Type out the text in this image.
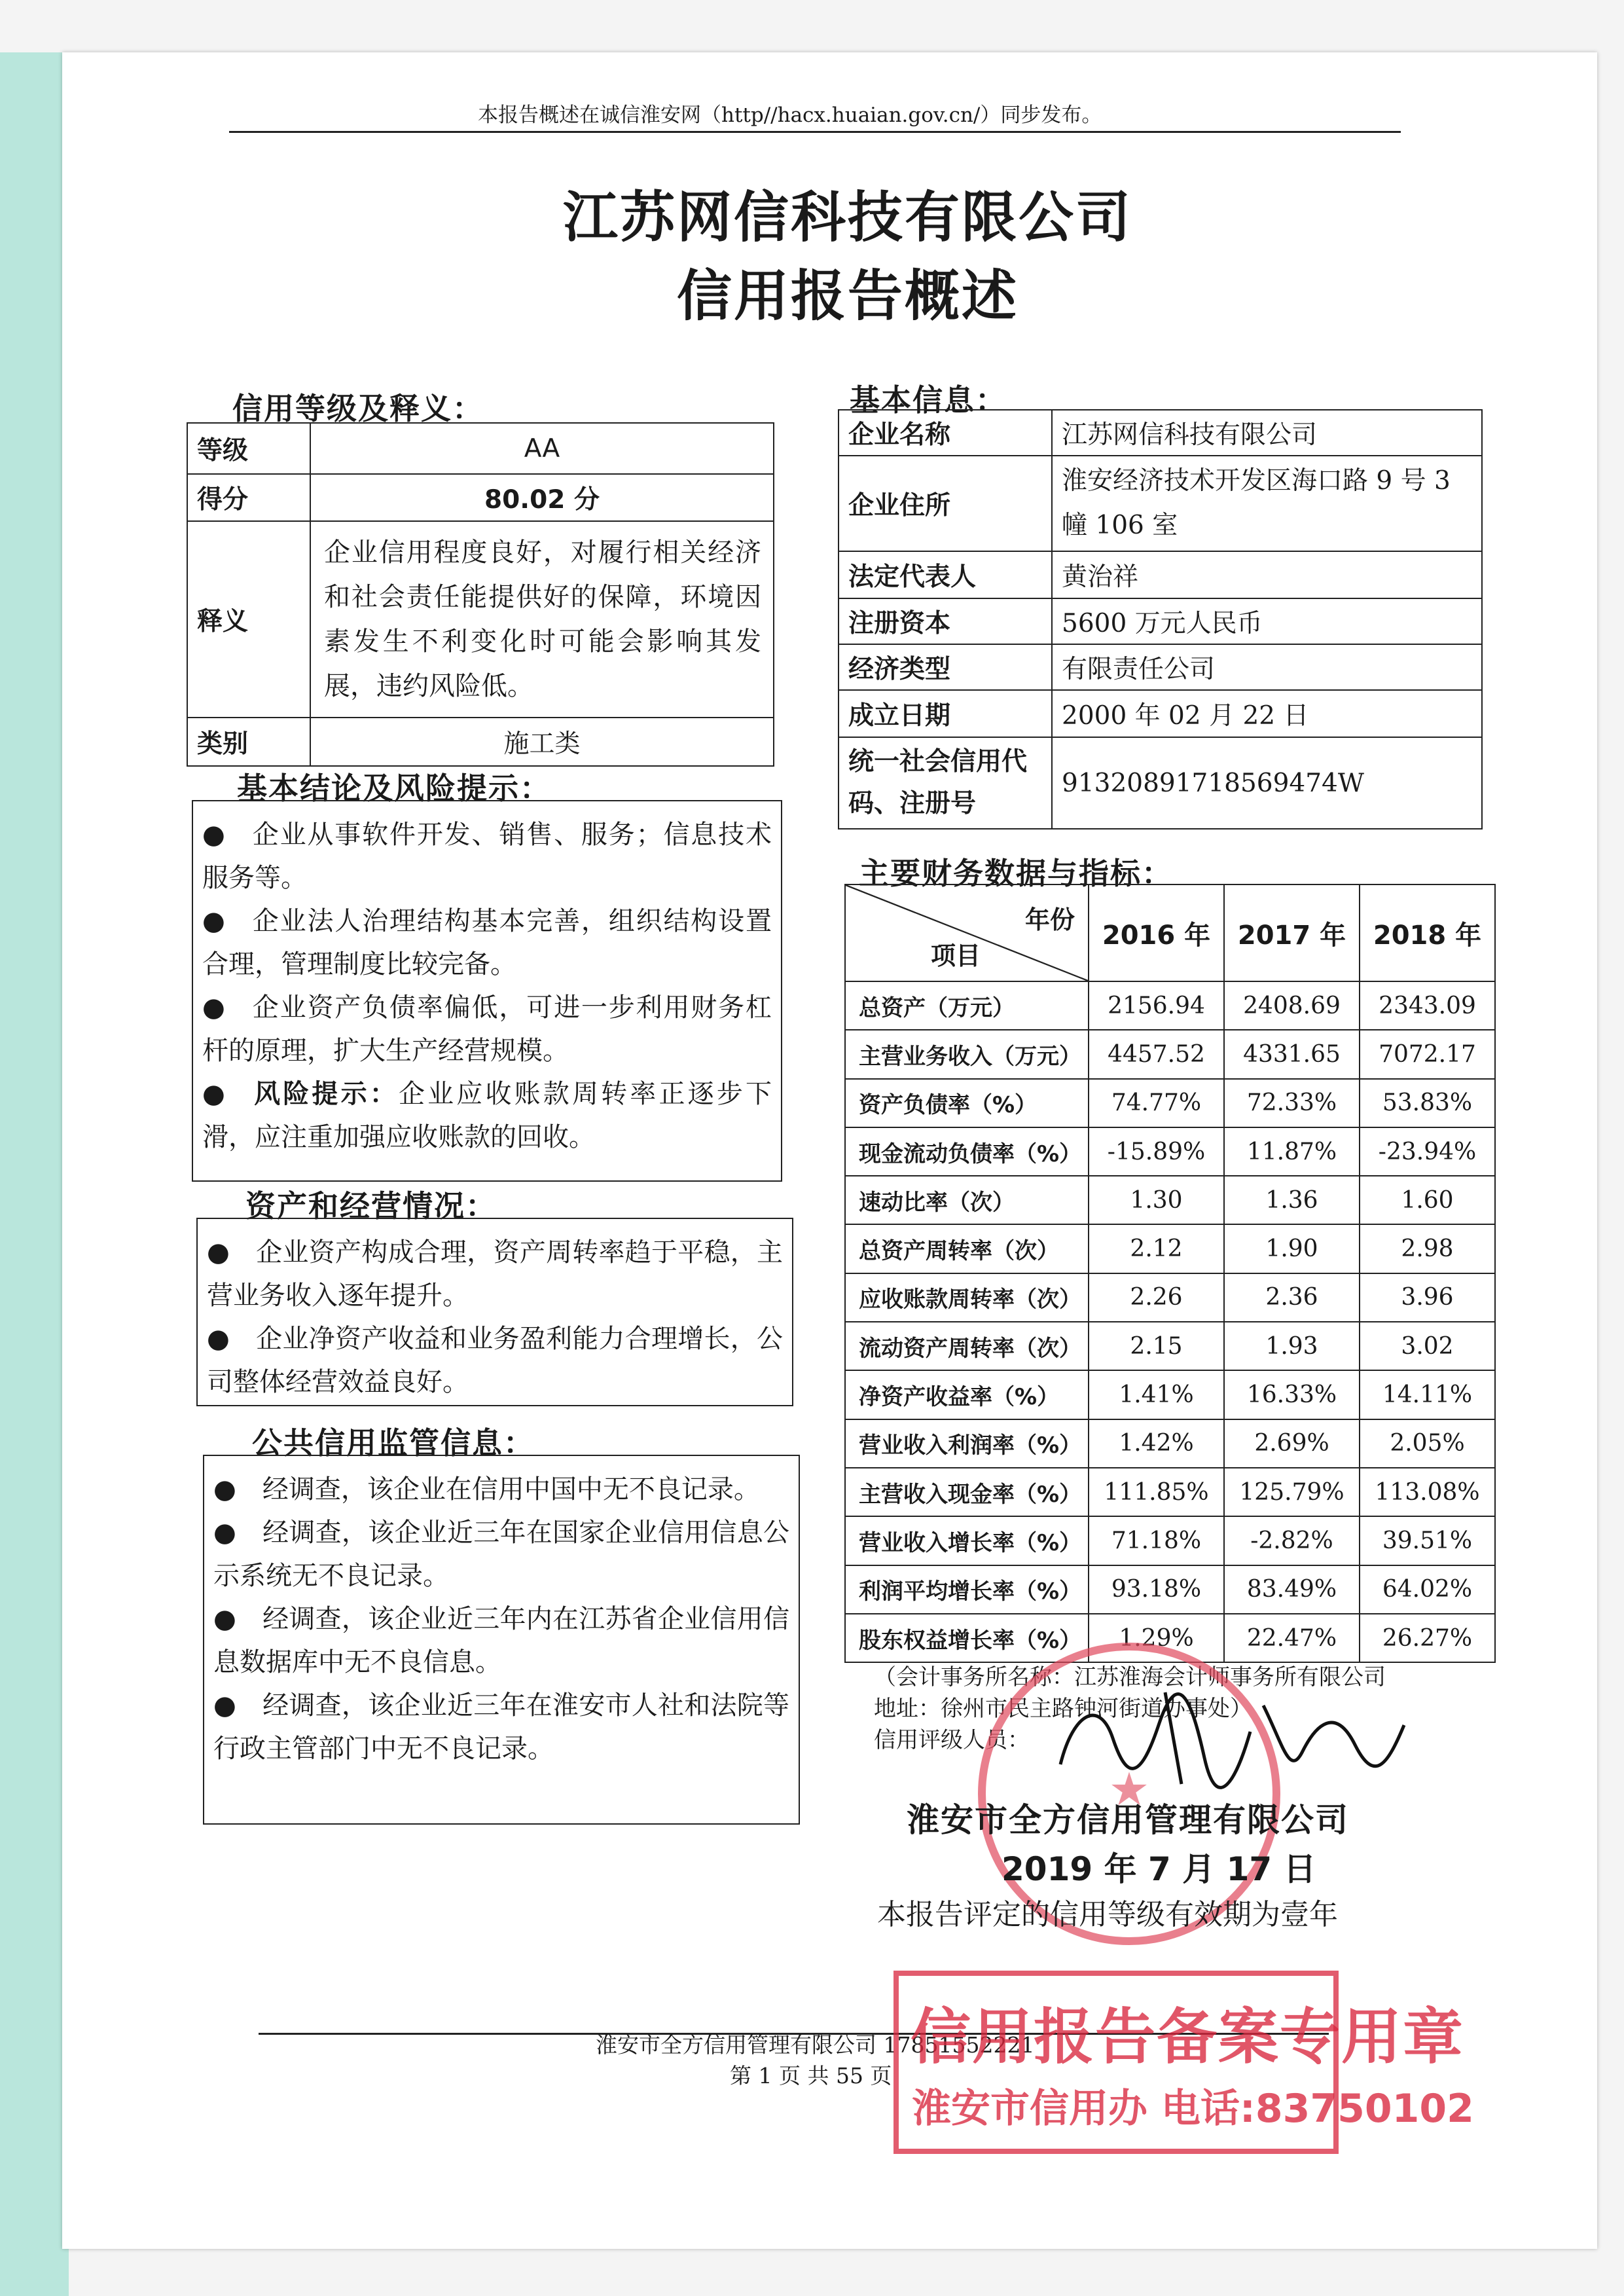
本报告概述在诚信淮安网（http//hacx.huaian.gov.cn/）同步发布。
江苏网信科技有限公司
信用报告概述
信用等级及释义：
等级	AA
得分	80.02 分
释义	企业信用程度良好，对履行相关经济和社会责任能提供好的保障，环境因素发生不利变化时可能会影响其发展，违约风险低。
类别	施工类
基本结论及风险提示：

● 企业从事软件开发、销售、服务；信息技术服务等。

● 企业法人治理结构基本完善，组织结构设置合理，管理制度比较完备。

● 企业资产负债率偏低，可进一步利用财务杠杆的原理，扩大生产经营规模。

● 风险提示：企业应收账款周转率正逐步下滑，应注重加强应收账款的回收。

资产和经营情况：

● 企业资产构成合理，资产周转率趋于平稳，主营业务收入逐年提升。

● 企业净资产收益和业务盈利能力合理增长，公司整体经营效益良好。

公共信用监管信息：

● 经调查，该企业在信用中国中无不良记录。

● 经调查，该企业近三年在国家企业信用信息公示系统无不良记录。

● 经调查，该企业近三年内在江苏省企业信用信息数据库中无不良信息。

● 经调查，该企业近三年在淮安市人社和法院等行政主管部门中无不良记录。

基本信息：
企业名称	江苏网信科技有限公司
企业住所	淮安经济技术开发区海口路 9 号 3 幢 106 室
法定代表人	黄治祥
注册资本	5600 万元人民币
经济类型	有限责任公司
成立日期	2000 年 02 月 22 日
统一社会信用代码、注册号	91320891718569474W
主要财务数据与指标：
年份
项目	2016 年	2017 年	2018 年
总资产（万元）	2156.94	2408.69	2343.09
主营业务收入（万元）	4457.52	4331.65	7072.17
资产负债率（%）	74.77%	72.33%	53.83%
现金流动负债率（%）	-15.89%	11.87%	-23.94%
速动比率（次）	1.30	1.36	1.60
总资产周转率（次）	2.12	1.90	2.98
应收账款周转率（次）	2.26	2.36	3.96
流动资产周转率（次）	2.15	1.93	3.02
净资产收益率（%）	1.41%	16.33%	14.11%
营业收入利润率（%）	1.42%	2.69%	2.05%
主营收入现金率（%）	111.85%	125.79%	113.08%
营业收入增长率（%）	71.18%	-2.82%	39.51%
利润平均增长率（%）	93.18%	83.49%	64.02%
股东权益增长率（%）	1.29%	22.47%	26.27%
（会计事务所名称：江苏淮海会计师事务所有限公司
地址：徐州市民主路钟河街道办事处）
信用评级人员：
★
淮安市全方信用管理有限公司
2019 年 7 月 17 日
本报告评定的信用等级有效期为壹年
淮安市全方信用管理有限公司 17851552221
第 1 页 共 55 页
信用报告备案专用章
淮安市信用办 电话:83750102
